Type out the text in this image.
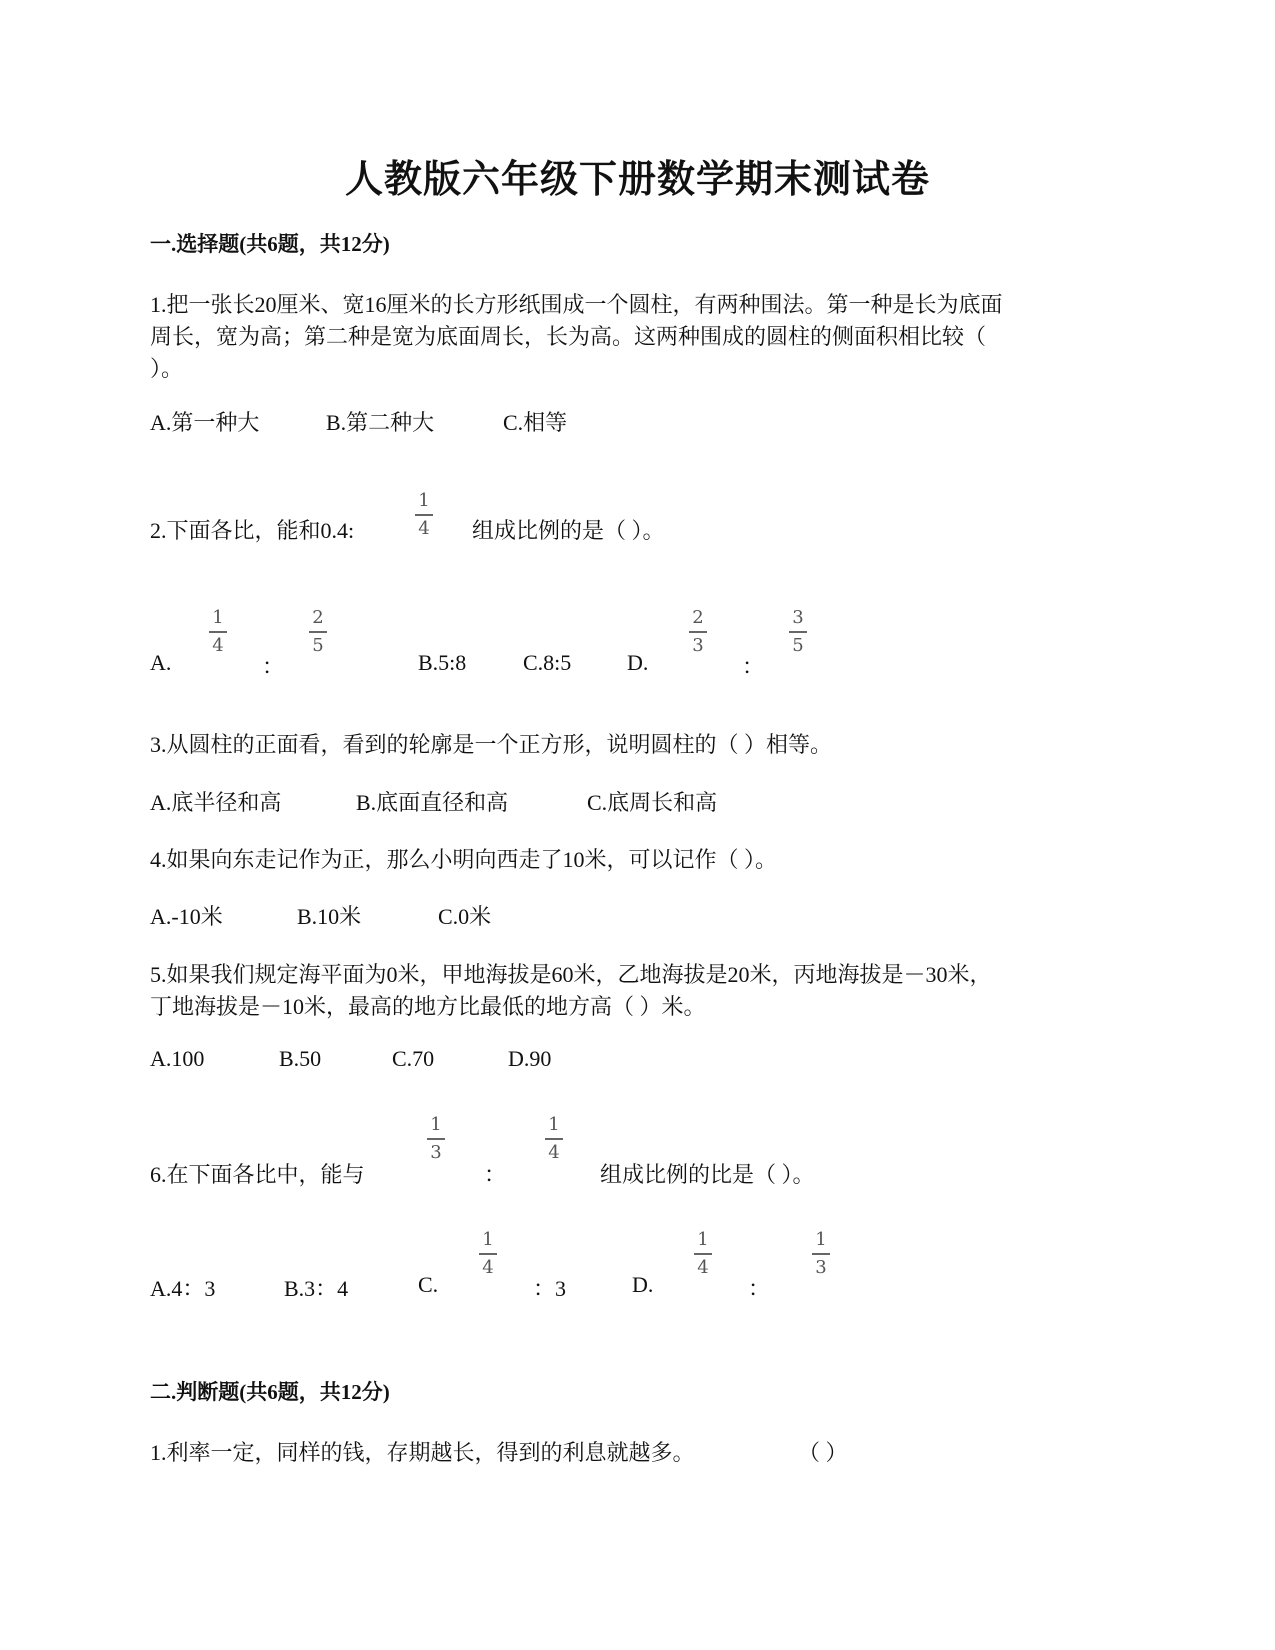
人教版六年级下册数学期末测试卷
一.选择题(共6题，共12分)
1.把一张长20厘米、宽16厘米的长方形纸围成一个圆柱，有两种围法。第一种是长为底面
周长，宽为高；第二种是宽为底面周长，长为高。这两种围成的圆柱的侧面积相比较（
）。
A.第一种大	B.第二种大	C.相等
2.下面各比，能和0.4:
1
4 组成比例的是（ ）。
A.
1
4
：
2
5
B.5:8	C.8:5	D.
2
3
：
3
5
3.从圆柱的正面看，看到的轮廓是一个正方形，说明圆柱的（ ）相等。
A.底半径和高	B.底面直径和高	C.底周长和高
4.如果向东走记作为正，那么小明向西走了10米，可以记作（ ）。
A.-10米	B.10米	C.0米
5.如果我们规定海平面为0米，甲地海拔是60米，乙地海拔是20米，丙地海拔是－30米，
丁地海拔是－10米，最高的地方比最低的地方高（ ）米。
A.100	B.50	C.70	D.90
6.在下面各比中，能与
1
3
：
1
4
组成比例的比是（ ）。
A.4：3	B.3：4	C.
1
4
：3	D.
1
4
：
1
3
二.判断题(共6题，共12分)
1.利率一定，同样的钱，存期越长，得到的利息就越多。	（ ）
